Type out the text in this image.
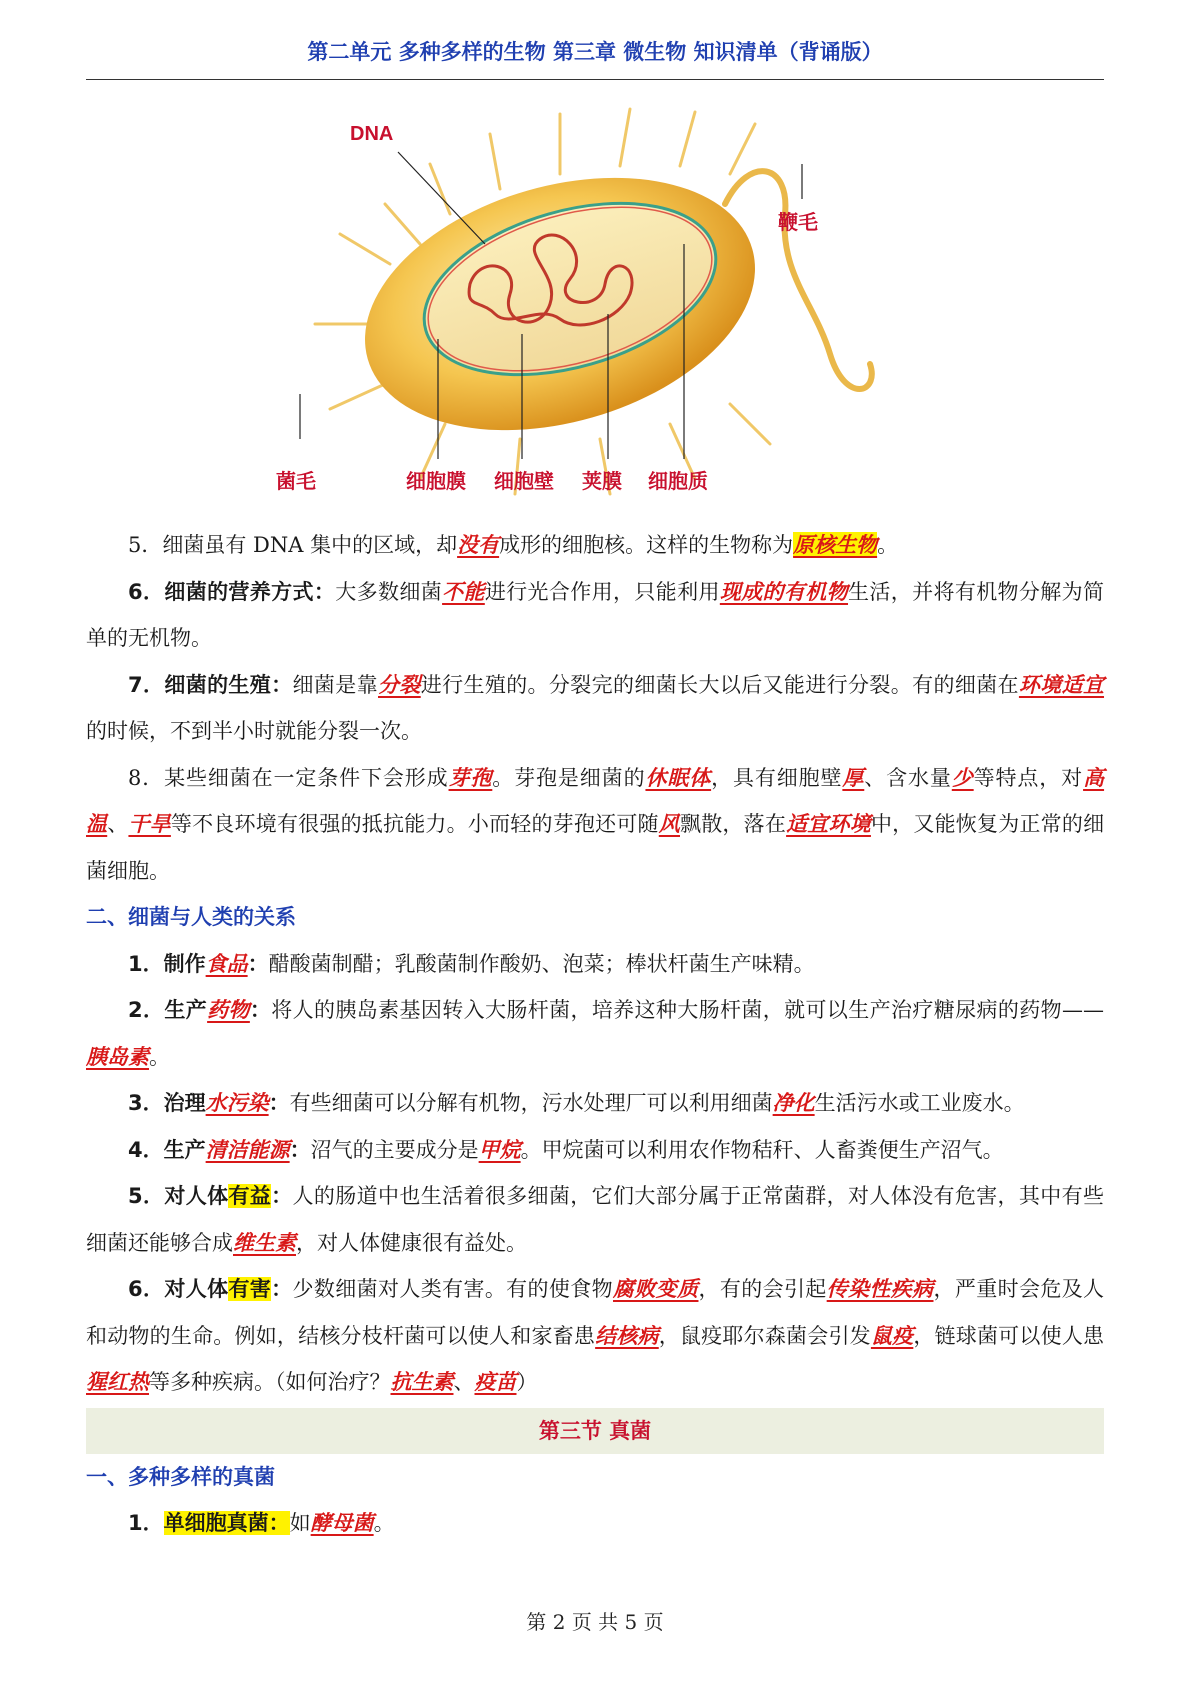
第二单元 多种多样的生物 第三章 微生物 知识清单（背诵版）
DNA
鞭毛
菌毛	细胞膜 细胞壁 荚膜 细胞质

5．细菌虽有 DNA 集中的区域，却没有成形的细胞核。这样的生物称为原核生物。

6．细菌的营养方式：大多数细菌不能进行光合作用，只能利用现成的有机物生活，并将有机物分解为简单的无机物。

7．细菌的生殖：细菌是靠分裂进行生殖的。分裂完的细菌长大以后又能进行分裂。有的细菌在环境适宜的时候，不到半小时就能分裂一次。

8．某些细菌在一定条件下会形成芽孢。芽孢是细菌的休眠体，具有细胞壁厚、含水量少等特点，对高温、干旱等不良环境有很强的抵抗能力。小而轻的芽孢还可随风飘散，落在适宜环境中，又能恢复为正常的细菌细胞。

二、细菌与人类的关系

1．制作食品：醋酸菌制醋；乳酸菌制作酸奶、泡菜；棒状杆菌生产味精。

2．生产药物：将人的胰岛素基因转入大肠杆菌，培养这种大肠杆菌，就可以生产治疗糖尿病的药物——胰岛素。

3．治理水污染：有些细菌可以分解有机物，污水处理厂可以利用细菌净化生活污水或工业废水。

4．生产清洁能源：沼气的主要成分是甲烷。甲烷菌可以利用农作物秸秆、人畜粪便生产沼气。

5．对人体有益：人的肠道中也生活着很多细菌，它们大部分属于正常菌群，对人体没有危害，其中有些细菌还能够合成维生素，对人体健康很有益处。

6．对人体有害：少数细菌对人类有害。有的使食物腐败变质，有的会引起传染性疾病，严重时会危及人和动物的生命。例如，结核分枝杆菌可以使人和家畜患结核病，鼠疫耶尔森菌会引发鼠疫，链球菌可以使人患猩红热等多种疾病。（如何治疗？抗生素、疫苗）

第三节 真菌

一、多种多样的真菌

1．单细胞真菌：如酵母菌。

第 2 页 共 5 页
